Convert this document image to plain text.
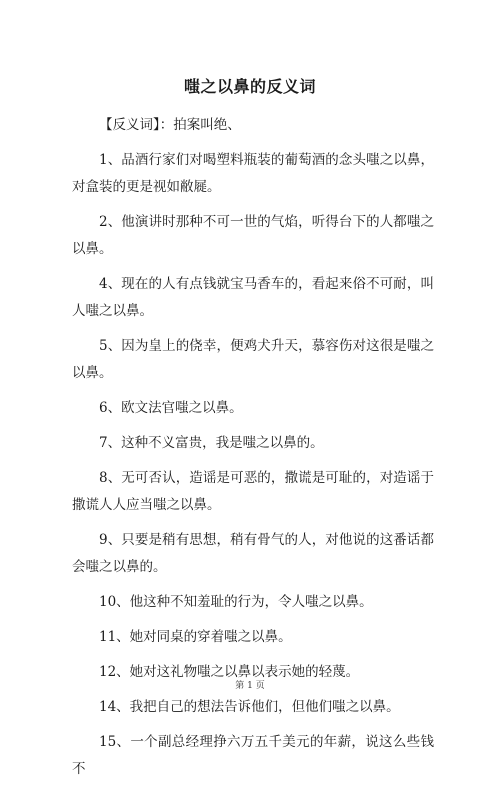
嗤之以鼻的反义词

【反义词】：拍案叫绝、

1、品酒行家们对喝塑料瓶装的葡萄酒的念头嗤之以鼻，对盒装的更是视如敝屣。

2、他演讲时那种不可一世的气焰，听得台下的人都嗤之以鼻。

4、现在的人有点钱就宝马香车的，看起来俗不可耐，叫人嗤之以鼻。

5、因为皇上的侥幸，便鸡犬升天，慕容伤对这很是嗤之以鼻。

6、欧文法官嗤之以鼻。

7、这种不义富贵，我是嗤之以鼻的。

8、无可否认，造谣是可恶的，撒谎是可耻的，对造谣于撒谎人人应当嗤之以鼻。

9、只要是稍有思想，稍有骨气的人，对他说的这番话都会嗤之以鼻的。

10、他这种不知羞耻的行为，令人嗤之以鼻。

11、她对同桌的穿着嗤之以鼻。

12、她对这礼物嗤之以鼻以表示她的轻蔑。

14、我把自己的想法告诉他们，但他们嗤之以鼻。

15、一个副总经理挣六万五千美元的年薪，说这么些钱不

第 1 页
